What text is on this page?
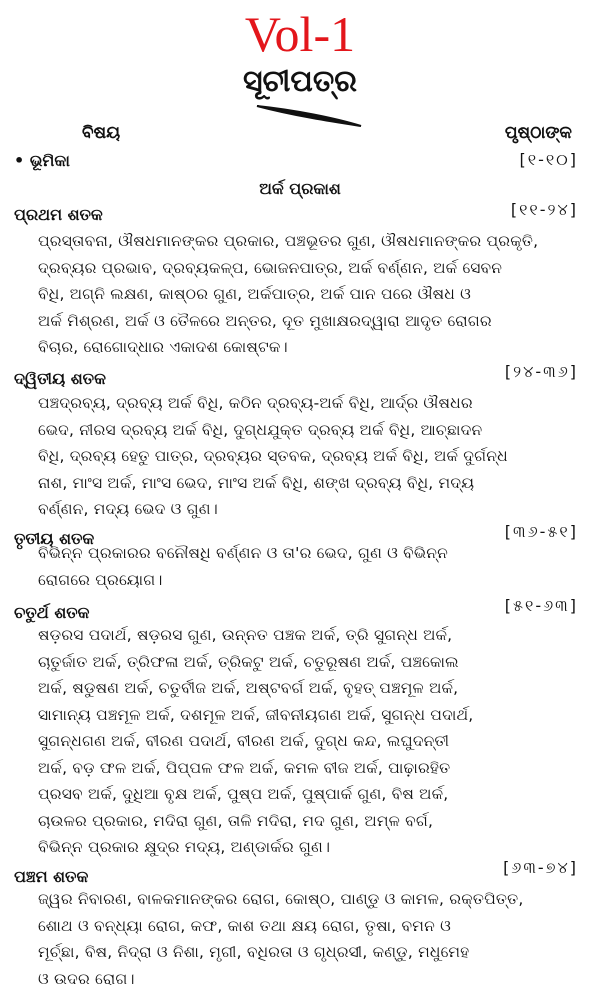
Vol-1
ସୂଚୀପତ୍ର
ବିଷୟ	ପୃଷ୍ଠାଙ୍କ
• ଭୂମିକା	[୧-୧୦]
ଅର୍କ ପ୍ରକାଶ
ପ୍ରଥମ ଶତକ	[୧୧-୨୪]
ପ୍ରସ୍ତାବନା, ଔଷଧମାନଙ୍କର ପ୍ରକାର, ପଞ୍ଚଭୂତର ଗୁଣ, ଔଷଧମାନଙ୍କର ପ୍ରକୃତି,
ଦ୍ରବ୍ୟର ପ୍ରଭାବ, ଦ୍ରବ୍ୟକଳ୍ପ, ଭୋଜନପାତ୍ର, ଅର୍କ ବର୍ଣ୍ଣନ, ଅର୍କ ସେବନ
ବିଧି, ଅଗ୍ନି ଲକ୍ଷଣ, କାଷ୍ଠର ଗୁଣ, ଅର୍କପାତ୍ର, ଅର୍କ ପାନ ପରେ ଔଷଧ ଓ
ଅର୍କ ମିଶ୍ରଣ, ଅର୍କ ଓ ତୈଳରେ ଅନ୍ତର, ଦୂତ ମୁଖାକ୍ଷରଦ୍ୱାରା ଆଦୃତ ରୋଗର
ବିଚାର, ରୋଗୋଦ୍ଧାର ଏକାଦଶ କୋଷ୍ଟକ।
ଦ୍ୱିତୀୟ ଶତକ	[୨୪-୩୬]
ପଞ୍ଚଦ୍ରବ୍ୟ, ଦ୍ରବ୍ୟ ଅର୍କ ବିଧି, କଠିନ ଦ୍ରବ୍ୟ-ଅର୍କ ବିଧି, ଆର୍ଦ୍ର ଔଷଧର
ଭେଦ, ନୀରସ ଦ୍ରବ୍ୟ ଅର୍କ ବିଧି, ଦୁଗ୍ଧଯୁକ୍ତ ଦ୍ରବ୍ୟ ଅର୍କ ବିଧି, ଆଚ୍ଛାଦନ
ବିଧି, ଦ୍ରବ୍ୟ ହେତୁ ପାତ୍ର, ଦ୍ରବ୍ୟର ସ୍ତବକ, ଦ୍ରବ୍ୟ ଅର୍କ ବିଧି, ଅର୍କ ଦୁର୍ଗନ୍ଧ
ନାଶ, ମାଂସ ଅର୍କ, ମାଂସ ଭେଦ, ମାଂସ ଅର୍କ ବିଧି, ଶଙ୍ଖ ଦ୍ରବ୍ୟ ବିଧି, ମଦ୍ୟ
ବର୍ଣ୍ଣନ, ମଦ୍ୟ ଭେଦ ଓ ଗୁଣ।
ତୃତୀୟ ଶତକ	[୩୬-୫୧]
ବିଭିନ୍ନ ପ୍ରକାରର ବନୌଷଧି ବର୍ଣ୍ଣନ ଓ ତା'ର ଭେଦ, ଗୁଣ ଓ ବିଭିନ୍ନ
ରୋଗରେ ପ୍ରୟୋଗ।
ଚତୁର୍ଥ ଶତକ	[୫୧-୬୩]
ଷଡ଼ରସ ପଦାର୍ଥ, ଷଡ଼ରସ ଗୁଣ, ଉନ୍ନତ ପଞ୍ଚକ ଅର୍କ, ତ୍ରି ସୁଗନ୍ଧ ଅର୍କ,
ଚାତୁର୍ଜାତ ଅର୍କ, ତ୍ରିଫଳା ଅର୍କ, ତ୍ରିକଟୁ ଅର୍କ, ଚତୁରୂଷଣ ଅର୍କ, ପଞ୍ଚକୋଲ
ଅର୍କ, ଷଡୁଷଣ ଅର୍କ, ଚତୁର୍ବୀଜ ଅର୍କ, ଅଷ୍ଟବର୍ଗ ଅର୍କ, ବୃହତ୍ ପଞ୍ଚମୂଳ ଅର୍କ,
ସାମାନ୍ୟ ପଞ୍ଚମୂଳ ଅର୍କ, ଦଶମୂଳ ଅର୍କ, ଜୀବନୀୟଗଣ ଅର୍କ, ସୁଗନ୍ଧ ପଦାର୍ଥ,
ସୁଗନ୍ଧଗଣ ଅର୍କ, ବୀରଣ ପଦାର୍ଥ, ବୀରଣ ଅର୍କ, ଦୁଗ୍ଧ କନ୍ଦ, ଲଘୁଦନ୍ତୀ
ଅର୍କ, ବଡ଼ ଫଳ ଅର୍କ, ପିପ୍ପଳ ଫଳ ଅର୍କ, କମଳ ବୀଜ ଅର୍କ, ପାଢ଼ାରହିତ
ପ୍ରସବ ଅର୍କ, ଦୁଧିଆ ବୃକ୍ଷ ଅର୍କ, ପୁଷ୍ପ ଅର୍କ, ପୁଷ୍ପାର୍କ ଗୁଣ, ବିଷ ଅର୍କ,
ଚାଉଳର ପ୍ରକାର, ମଦିରା ଗୁଣ, ତାଳି ମଦିରା, ମଦ ଗୁଣ, ଅମ୍ଳ ବର୍ଗ,
ବିଭିନ୍ନ ପ୍ରକାର କ୍ଷୁଦ୍ର ମଦ୍ୟ, ଅଣ୍ଡାର୍କର ଗୁଣ।
ପଞ୍ଚମ ଶତକ	[୬୩-୭୪]
ଜ୍ୱର ନିବାରଣ, ବାଳକମାନଙ୍କର ରୋଗ, କୋଷ୍ଠ, ପାଣ୍ଡୁ ଓ କାମଳ, ରକ୍ତପିତ୍ତ,
ଶୋଥ ଓ ବନ୍ଧ୍ୟା ରୋଗ, କଫ, କାଶ ତଥା କ୍ଷୟ ରୋଗ, ତୃଷା, ବମନ ଓ
ମୂର୍ଚ୍ଛା, ବିଷ, ନିଦ୍ରା ଓ ନିଶା, ମୃଗୀ, ବଧିରତା ଓ ଗୃଧ୍ରସୀ, କଣ୍ଡୁ, ମଧୁମେହ
ଓ ଉଦର ରୋଗ।
